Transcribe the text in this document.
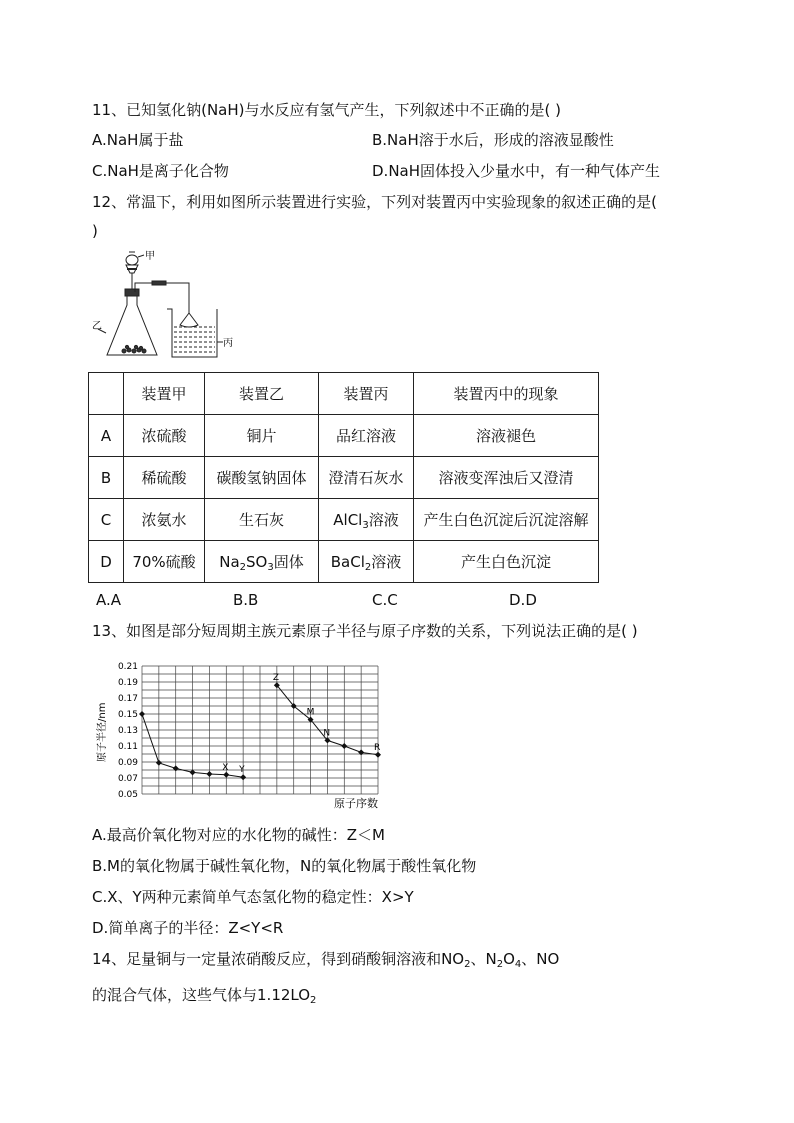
11、已知氢化钠(NaH)与水反应有氢气产生，下列叙述中不正确的是( )
A.NaH属于盐	B.NaH溶于水后，形成的溶液显酸性
C.NaH是离子化合物	D.NaH固体投入少量水中，有一种气体产生
12、常温下，利用如图所示装置进行实验，下列对装置丙中实验现象的叙述正确的是(
)
甲
乙
丙
	装置甲	装置乙	装置丙	装置丙中的现象
A	浓硫酸	铜片	品红溶液	溶液褪色
B	稀硫酸	碳酸氢钠固体	澄清石灰水	溶液变浑浊后又澄清
C	浓氨水	生石灰	AlCl$_3$溶液	产生白色沉淀后沉淀溶解
D	70%硫酸	$Na_2SO_3$固体	BaCl$_2$溶液	产生白色沉淀
A.A	B.B	C.C	D.D
13、如图是部分短周期主族元素原子半径与原子序数的关系，下列说法正确的是( )
0.21
0.19
0.17
0.15
0.13
0.11
0.09
0.07
0.05
X Y
Z
M
N
R
原子半径/nm
原子序数
A.最高价氧化物对应的水化物的碱性：Z＜M
B.M的氧化物属于碱性氧化物，N的氧化物属于酸性氧化物
C.X、Y两种元素简单气态氢化物的稳定性：X>Y
D.简单离子的半径：Z<Y<R
14、足量铜与一定量浓硝酸反应，得到硝酸铜溶液和$NO_2$、$N_2O_4$、NO
的混合气体，这些气体与$1.12LO_2$
